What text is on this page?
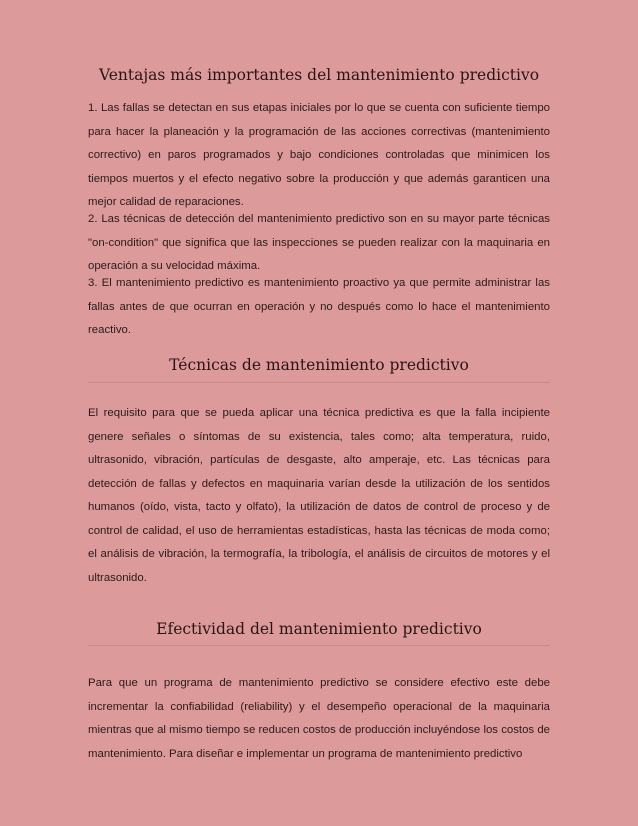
Ventajas más importantes del mantenimiento predictivo

1. Las fallas se detectan en sus etapas iniciales por lo que se cuenta con suficiente tiempo para hacer la planeación y la programación de las acciones correctivas (mantenimiento correctivo) en paros programados y bajo condiciones controladas que minimicen los tiempos muertos y el efecto negativo sobre la producción y que además garanticen una mejor calidad de reparaciones.

2. Las técnicas de detección del mantenimiento predictivo son en su mayor parte técnicas "on-condition" que significa que las inspecciones se pueden realizar con la maquinaria en operación a su velocidad máxima.

3. El mantenimiento predictivo es mantenimiento proactivo ya que permite administrar las fallas antes de que ocurran en operación y no después como lo hace el mantenimiento reactivo.

Técnicas de mantenimiento predictivo

El requisito para que se pueda aplicar una técnica predictiva es que la falla incipiente genere señales o síntomas de su existencia, tales como; alta temperatura, ruido, ultrasonido, vibración, partículas de desgaste, alto amperaje, etc. Las técnicas para detección de fallas y defectos en maquinaria varían desde la utilización de los sentidos humanos (oído, vista, tacto y olfato), la utilización de datos de control de proceso y de control de calidad, el uso de herramientas estadísticas, hasta las técnicas de moda como; el análisis de vibración, la termografía, la tribología, el análisis de circuitos de motores y el ultrasonido.

Efectividad del mantenimiento predictivo

Para que un programa de mantenimiento predictivo se considere efectivo este debe incrementar la confiabilidad (reliability) y el desempeño operacional de la maquinaria mientras que al mismo tiempo se reducen costos de producción incluyéndose los costos de mantenimiento. Para diseñar e implementar un programa de mantenimiento predictivo
